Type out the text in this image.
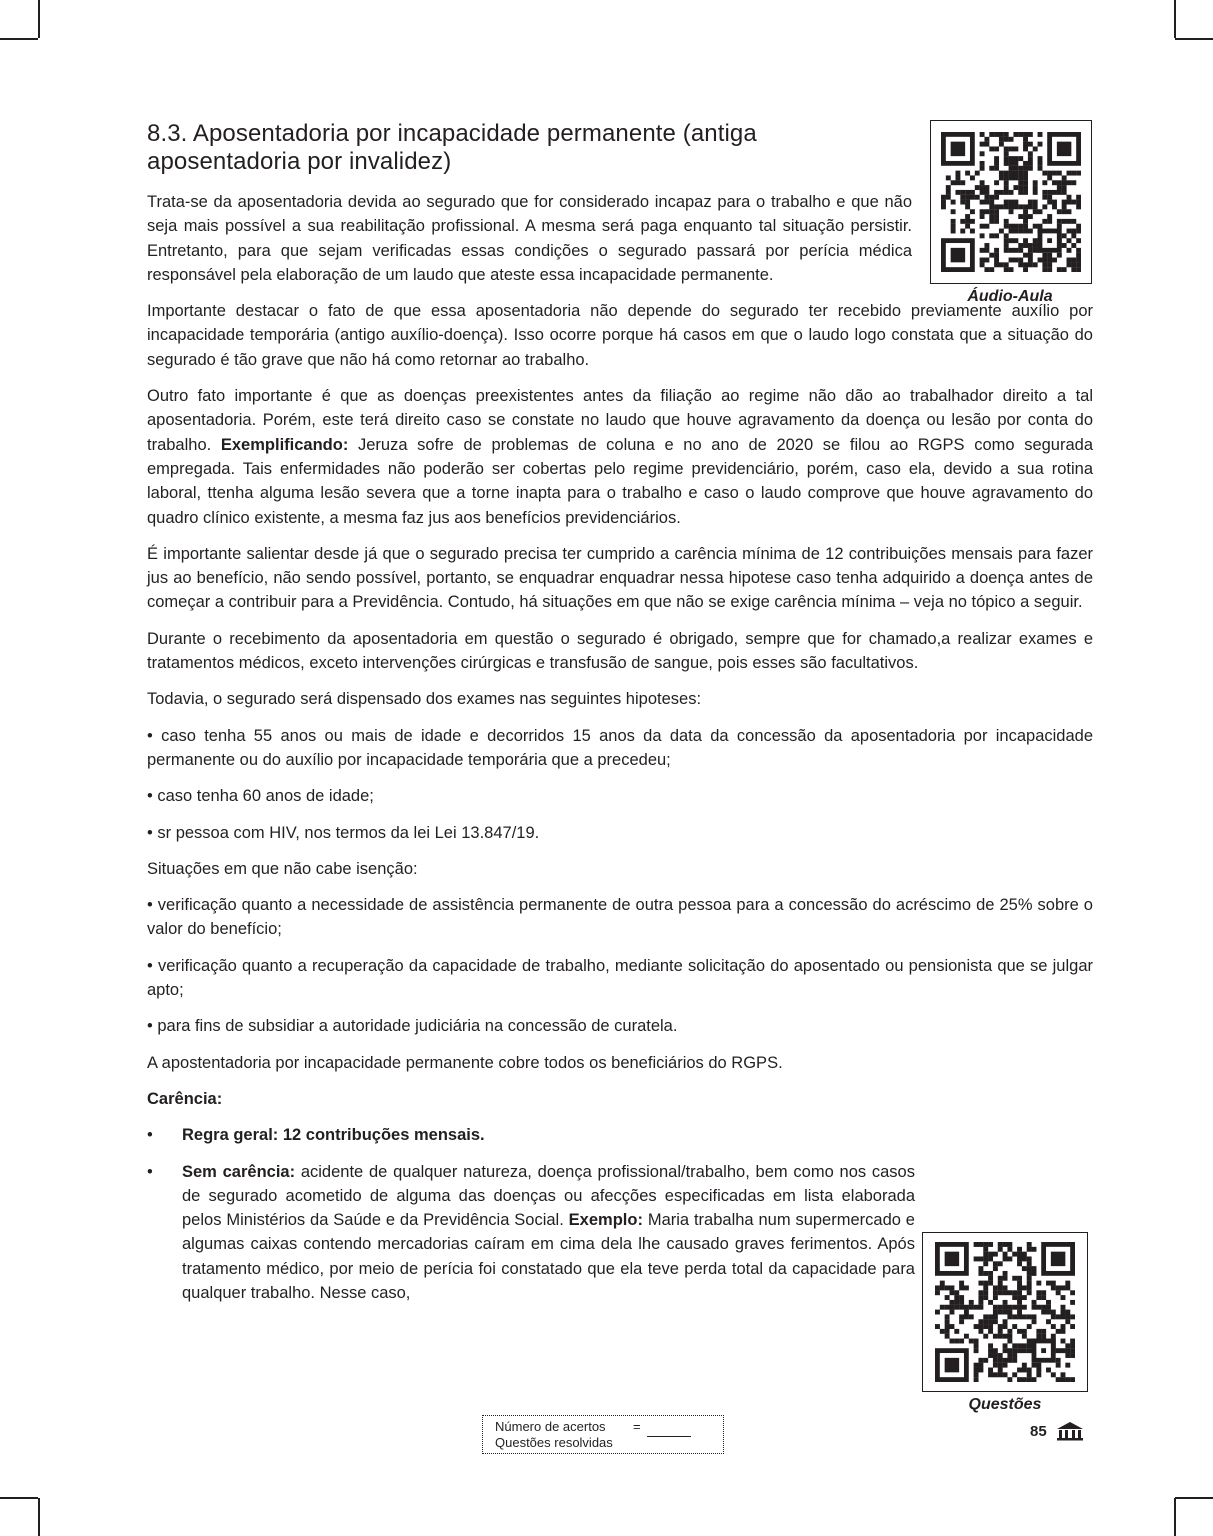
Áudio-Aula
Questões
8.3. Aposentadoria por incapacidade permanente (antiga aposentadoria por invalidez)

Trata-se da aposentadoria devida ao segurado que for considerado incapaz para o trabalho e que não seja mais possível a sua reabilitação profissional. A mesma será paga enquanto tal situação persistir. Entretanto, para que sejam verificadas essas condições o segurado passará por perícia médica responsável pela elaboração de um laudo que ateste essa incapacidade permanente.

Importante destacar o fato de que essa aposentadoria não depende do segurado ter recebido previamente auxílio por incapacidade temporária (antigo auxílio-doença). Isso ocorre porque há casos em que o laudo logo constata que a situação do segurado é tão grave que não há como retornar ao trabalho.

Outro fato importante é que as doenças preexistentes antes da filiação ao regime não dão ao trabalhador direito a tal aposentadoria. Porém, este terá direito caso se constate no laudo que houve agravamento da doença ou lesão por conta do trabalho. Exemplificando: Jeruza sofre de problemas de coluna e no ano de 2020 se filou ao RGPS como segurada empregada. Tais enfermidades não poderão ser cobertas pelo regime previdenciário, porém, caso ela, devido a sua rotina laboral, ttenha alguma lesão severa que a torne inapta para o trabalho e caso o laudo comprove que houve agravamento do quadro clínico existente, a mesma faz jus aos benefícios previdenciários.

É importante salientar desde já que o segurado precisa ter cumprido a carência mínima de 12 contribuições mensais para fazer jus ao benefício, não sendo possível, portanto, se enquadrar enquadrar nessa hipotese caso tenha adquirido a doença antes de começar a contribuir para a Previdência. Contudo, há situações em que não se exige carência mínima – veja no tópico a seguir.

Durante o recebimento da aposentadoria em questão o segurado é obrigado, sempre que for chamado,a realizar exames e tratamentos médicos, exceto intervenções cirúrgicas e transfusão de sangue, pois esses são facultativos.

Todavia, o segurado será dispensado dos exames nas seguintes hipoteses:

• caso tenha 55 anos ou mais de idade e decorridos 15 anos da data da concessão da aposentadoria por incapacidade permanente ou do auxílio por incapacidade temporária que a precedeu;

• caso tenha 60 anos de idade;

• sr pessoa com HIV, nos termos da lei Lei 13.847/19.

Situações em que não cabe isenção:

• verificação quanto a necessidade de assistência permanente de outra pessoa para a concessão do acréscimo de 25% sobre o valor do benefício;

• verificação quanto a recuperação da capacidade de trabalho, mediante solicitação do aposentado ou pensionista que se julgar apto;

• para fins de subsidiar a autoridade judiciária na concessão de curatela.

A apostentadoria por incapacidade permanente cobre todos os beneficiários do RGPS.

Carência:

•	Regra geral: 12 contribuções mensais.
•	Sem carência: acidente de qualquer natureza, doença profissional/trabalho, bem como nos casos de segurado acometido de alguma das doenças ou afecções especificadas em lista elaborada pelos Ministérios da Saúde e da Previdência Social. Exemplo: Maria trabalha num supermercado e algumas caixas contendo mercadorias caíram em cima dela lhe causado graves ferimentos. Após tratamento médico, por meio de perícia foi constatado que ela teve perda total da capacidade para qualquer trabalho. Nesse caso,
Número de acertos =
Questões resolvidas
85
